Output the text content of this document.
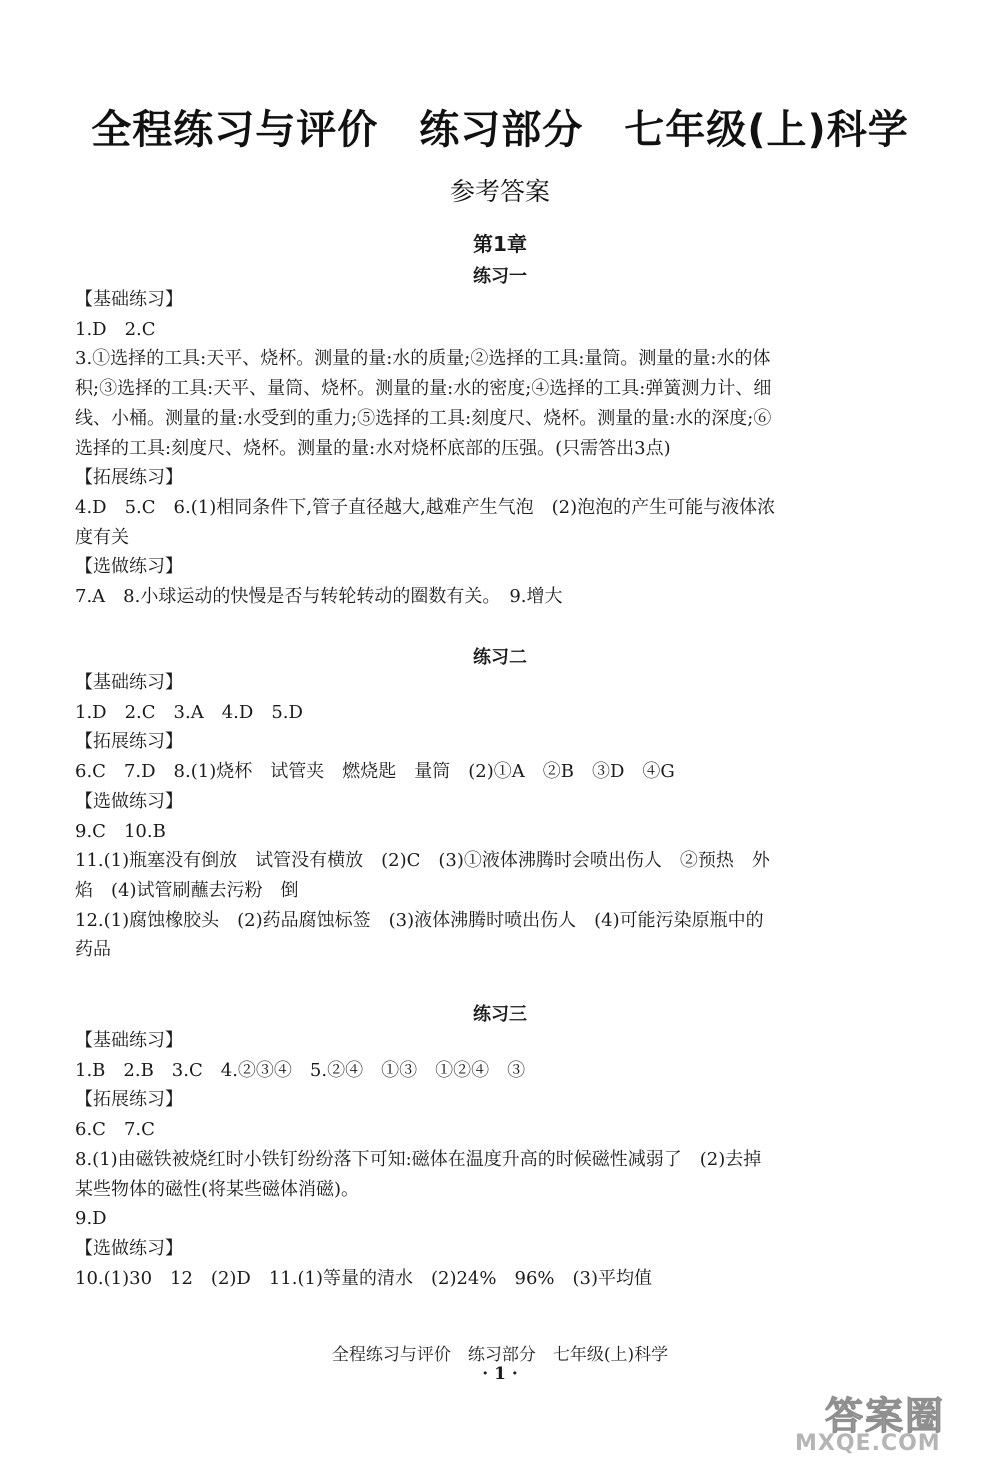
全程练习与评价　练习部分　七年级(上)科学
参考答案
第1章
练习一
【基础练习】
1.D　2.C
3.①选择的工具:天平、烧杯。测量的量:水的质量;②选择的工具:量筒。测量的量:水的体
积;③选择的工具:天平、量筒、烧杯。测量的量:水的密度;④选择的工具:弹簧测力计、细
线、小桶。测量的量:水受到的重力;⑤选择的工具:刻度尺、烧杯。测量的量:水的深度;⑥
选择的工具:刻度尺、烧杯。测量的量:水对烧杯底部的压强。(只需答出3点)
【拓展练习】
4.D　5.C　6.(1)相同条件下,管子直径越大,越难产生气泡　(2)泡泡的产生可能与液体浓
度有关
【选做练习】
7.A　8.小球运动的快慢是否与转轮转动的圈数有关。　9.增大
练习二
【基础练习】
1.D　2.C　3.A　4.D　5.D
【拓展练习】
6.C　7.D　8.(1)烧杯　试管夹　燃烧匙　量筒　(2)①A　②B　③D　④G
【选做练习】
9.C　10.B
11.(1)瓶塞没有倒放　试管没有横放　(2)C　(3)①液体沸腾时会喷出伤人　②预热　外
焰　(4)试管刷蘸去污粉　倒
12.(1)腐蚀橡胶头　(2)药品腐蚀标签　(3)液体沸腾时喷出伤人　(4)可能污染原瓶中的
药品
练习三
【基础练习】
1.B　2.B　3.C　4.②③④　5.②④　①③　①②④　③
【拓展练习】
6.C　7.C
8.(1)由磁铁被烧红时小铁钉纷纷落下可知:磁体在温度升高的时候磁性减弱了　(2)去掉
某些物体的磁性(将某些磁体消磁)。
9.D
【选做练习】
10.(1)30　12　(2)D　11.(1)等量的清水　(2)24%　96%　(3)平均值
全程练习与评价　练习部分　七年级(上)科学
· 1 ·
答案圈
MXQE.COM
